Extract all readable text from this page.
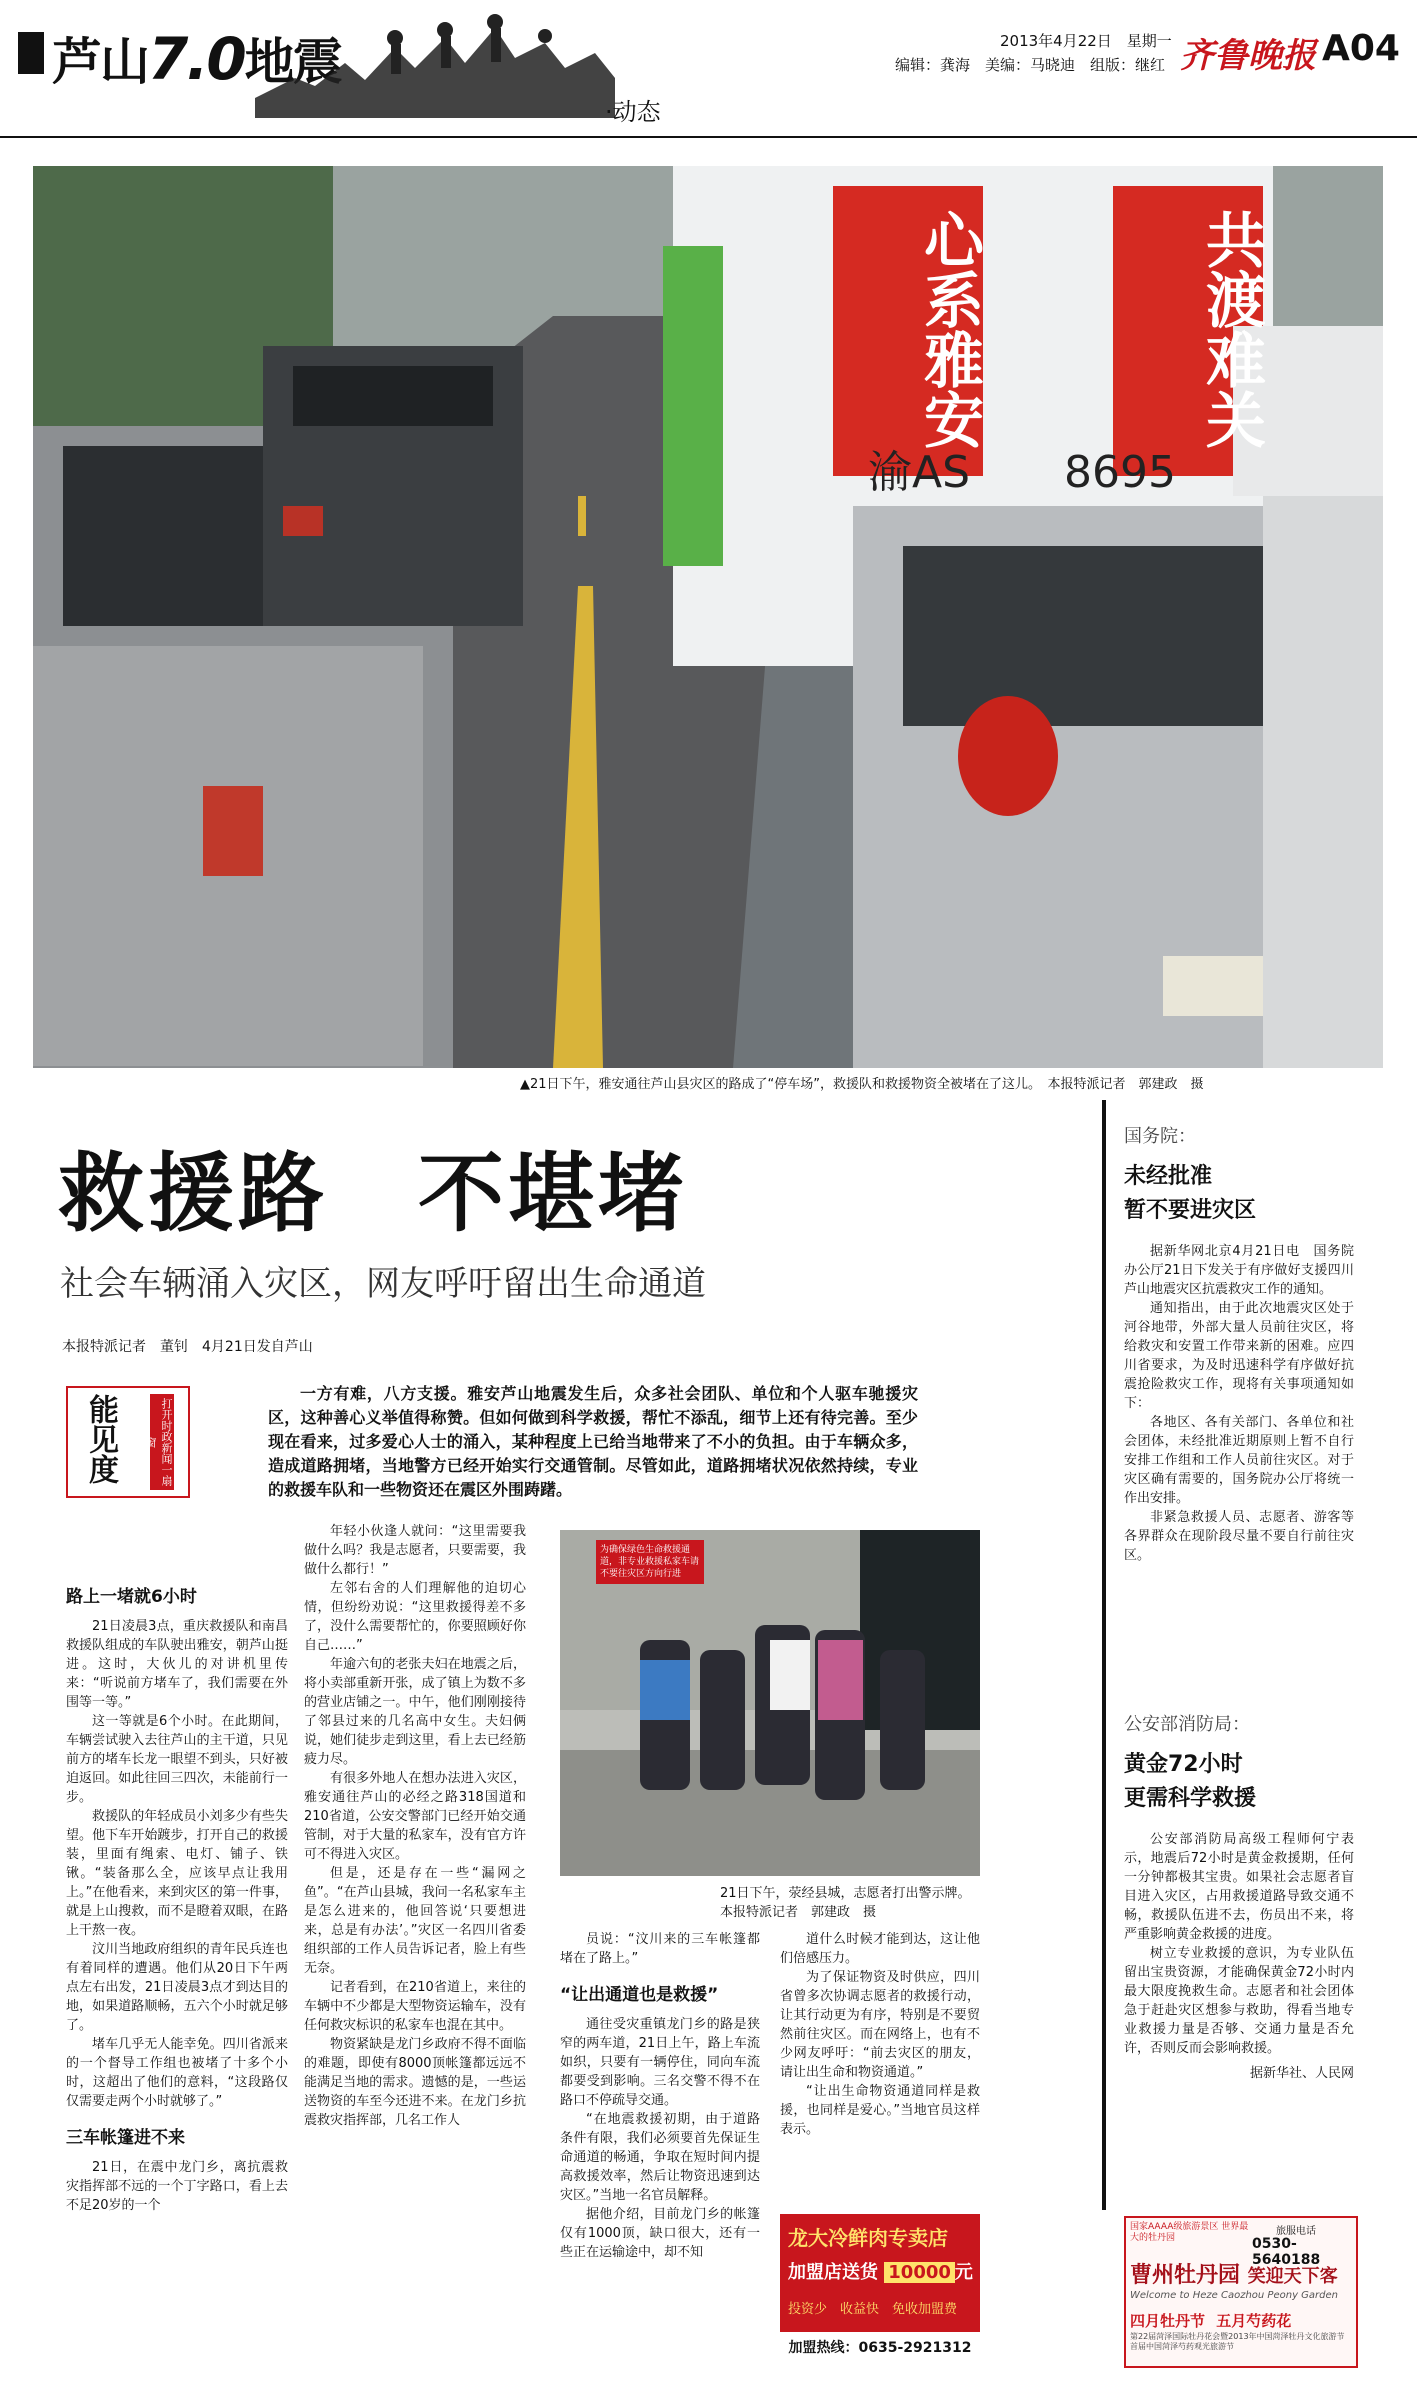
芦山7.0地震
·动态
2013年4月22日　星期一
编辑：龚海　美编：马晓迪　组版：继红 齐鲁晚报 A04
心系雅安	共渡难关
渝AS 8695
▲21日下午，雅安通往芦山县灾区的路成了“停车场”，救援队和救援物资全被堵在了这儿。　本报特派记者　郭建政　摄
救援路　不堪堵
社会车辆涌入灾区，网友呼吁留出生命通道
本报特派记者　董钊　4月21日发自芦山
能见度	打开时政新闻一扇窗
一方有难，八方支援。雅安芦山地震发生后，众多社会团队、单位和个人驱车驰援灾区，这种善心义举值得称赞。但如何做到科学救援，帮忙不添乱，细节上还有待完善。至少现在看来，过多爱心人士的涌入，某种程度上已给当地带来了不小的负担。由于车辆众多，造成道路拥堵，当地警方已经开始实行交通管制。尽管如此，道路拥堵状况依然持续，专业的救援车队和一些物资还在震区外围踌躇。
路上一堵就6小时
21日凌晨3点，重庆救援队和南昌救援队组成的车队驶出雅安，朝芦山挺进。这时，大伙儿的对讲机里传来：“听说前方堵车了，我们需要在外围等一等。”
这一等就是6个小时。在此期间，车辆尝试驶入去往芦山的主干道，只见前方的堵车长龙一眼望不到头，只好被迫返回。如此往回三四次，未能前行一步。
救援队的年轻成员小刘多少有些失望。他下车开始踱步，打开自己的救援装，里面有绳索、电灯、铺子、铁锹。“装备那么全，应该早点让我用上。”在他看来，来到灾区的第一件事，就是上山搜救，而不是瞪着双眼，在路上干熬一夜。
汶川当地政府组织的青年民兵连也有着同样的遭遇。他们从20日下午两点左右出发，21日凌晨3点才到达目的地，如果道路顺畅，五六个小时就足够了。
堵车几乎无人能幸免。四川省派来的一个督导工作组也被堵了十多个小时，这超出了他们的意料，“这段路仅仅需要走两个小时就够了。”
三车帐篷进不来
21日，在震中龙门乡，离抗震救灾指挥部不远的一个丁字路口，看上去不足20岁的一个
年轻小伙逢人就问：“这里需要我做什么吗？我是志愿者，只要需要，我做什么都行！”
左邻右舍的人们理解他的迫切心情，但纷纷劝说：“这里救援得差不多了，没什么需要帮忙的，你要照顾好你自己……”
年逾六旬的老张夫妇在地震之后，将小卖部重新开张，成了镇上为数不多的营业店铺之一。中午，他们刚刚接待了邻县过来的几名高中女生。夫妇俩说，她们徒步走到这里，看上去已经筋疲力尽。
有很多外地人在想办法进入灾区，雅安通往芦山的必经之路318国道和210省道，公安交警部门已经开始交通管制，对于大量的私家车，没有官方许可不得进入灾区。
但是，还是存在一些“漏网之鱼”。“在芦山县城，我问一名私家车主是怎么进来的，他回答说‘只要想进来，总是有办法’。”灾区一名四川省委组织部的工作人员告诉记者，脸上有些无奈。
记者看到，在210省道上，来往的车辆中不少都是大型物资运输车，没有任何救灾标识的私家车也混在其中。
物资紧缺是龙门乡政府不得不面临的难题，即使有8000顶帐篷都远远不能满足当地的需求。遗憾的是，一些运送物资的车至今还进不来。在龙门乡抗震救灾指挥部，几名工作人
为确保绿色生命救援通道，非专业救援私家车请不要往灾区方向行进
21日下午，荥经县城，志愿者打出警示牌。　本报特派记者　郭建政　摄
员说：“汶川来的三车帐篷都堵在了路上。”
“让出通道也是救援”
通往受灾重镇龙门乡的路是狭窄的两车道，21日上午，路上车流如织，只要有一辆停住，同向车流都要受到影响。三名交警不得不在路口不停疏导交通。
“在地震救援初期，由于道路条件有限，我们必须要首先保证生命通道的畅通，争取在短时间内提高救援效率，然后让物资迅速到达灾区。”当地一名官员解释。
据他介绍，目前龙门乡的帐篷仅有1000顶，缺口很大，还有一些正在运输途中，却不知
道什么时候才能到达，这让他们倍感压力。
为了保证物资及时供应，四川省曾多次协调志愿者的救援行动，让其行动更为有序，特别是不要贸然前往灾区。而在网络上，也有不少网友呼吁：“前去灾区的朋友，请让出生命和物资通道。”
“让出生命物资通道同样是救援，也同样是爱心。”当地官员这样表示。
龙大冷鲜肉专卖店
加盟店送货 10000 元
投资少　收益快　免收加盟费
加盟热线：0635-2921312
国务院：
未经批准
暂不要进灾区
据新华网北京4月21日电　国务院办公厅21日下发关于有序做好支援四川芦山地震灾区抗震救灾工作的通知。
通知指出，由于此次地震灾区处于河谷地带，外部大量人员前往灾区，将给救灾和安置工作带来新的困难。应四川省要求，为及时迅速科学有序做好抗震抢险救灾工作，现将有关事项通知如下：
各地区、各有关部门、各单位和社会团体，未经批准近期原则上暂不自行安排工作组和工作人员前往灾区。对于灾区确有需要的，国务院办公厅将统一作出安排。
非紧急救援人员、志愿者、游客等各界群众在现阶段尽量不要自行前往灾区。
公安部消防局：
黄金72小时
更需科学救援
公安部消防局高级工程师何宁表示，地震后72小时是黄金救援期，任何一分钟都极其宝贵。如果社会志愿者盲目进入灾区，占用救援道路导致交通不畅，救援队伍进不去，伤员出不来，将严重影响黄金救援的进度。
树立专业救援的意识，为专业队伍留出宝贵资源，才能确保黄金72小时内最大限度挽救生命。志愿者和社会团体急于赶赴灾区想参与救助，得看当地专业救援力量是否够、交通力量是否允许，否则反而会影响救援。
据新华社、人民网
国家AAAA级旅游景区 世界最大的牡丹园
旅服电话
0530-5640188
曹州牡丹园 笑迎天下客
Welcome to Heze Caozhou Peony Garden
四月牡丹节 五月芍药花
第22届菏泽国际牡丹花会暨2013年中国菏泽牡丹文化旅游节 首届中国菏泽芍药观光旅游节
